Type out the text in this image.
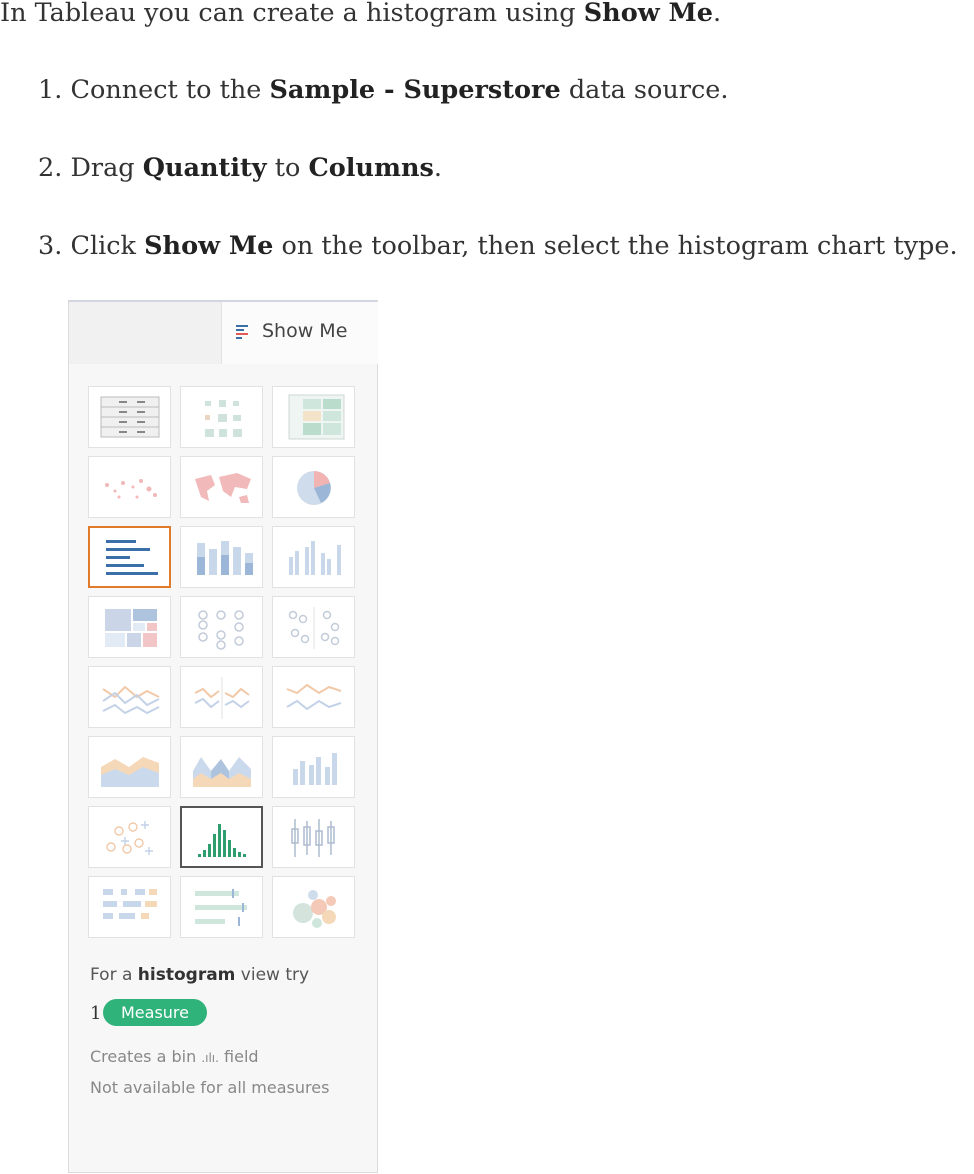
In Tableau you can create a histogram using Show Me.
1. Connect to the Sample - Superstore data source.
2. Drag Quantity to Columns.
3. Click Show Me on the toolbar, then select the histogram chart type.
Show Me
For a histogram view try
1	Measure
Creates a bin .ılı. field
Not available for all measures
